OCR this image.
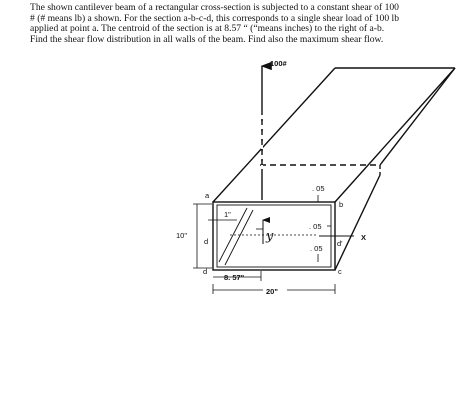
The shown cantilever beam of a rectangular cross-section is subjected to a constant shear of 100

# (# means lb) a shown. For the section a-b-c-d, this corresponds to a single shear load of 100 lb

applied at point a. The centroid of the section is at 8.57 “ (“means inches) to the right of a-b.

Find the shear flow distribution in all walls of the beam. Find also the maximum shear flow.

100#
y	X
a
b
c
d
d
. 05
. 05
. 05
d'
1"
10"
8. 57"
20"
